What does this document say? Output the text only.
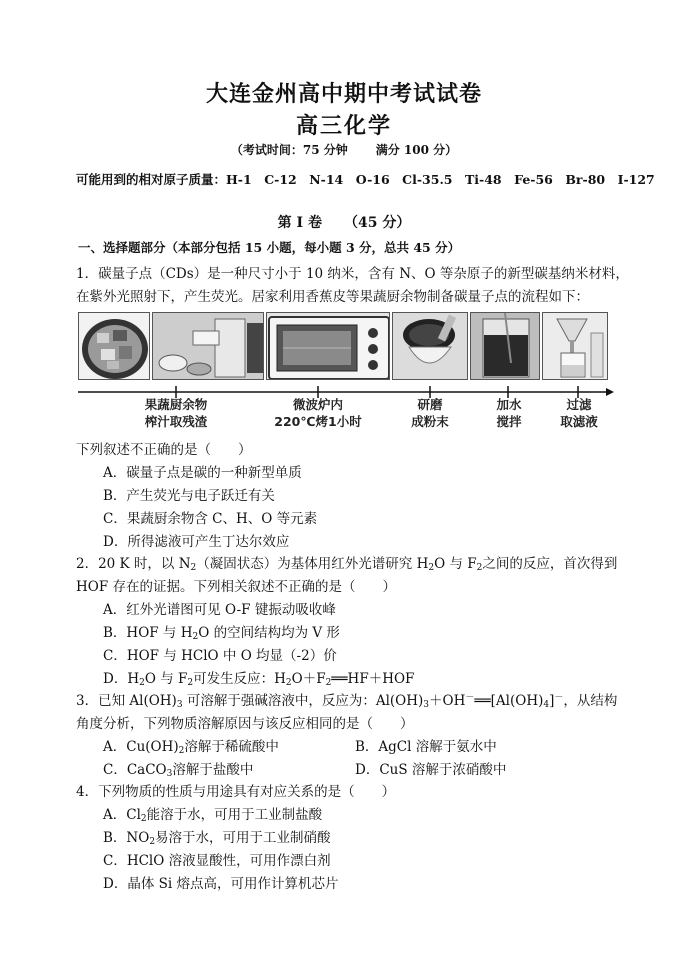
大连金州高中期中考试试卷
高三化学
（考试时间：75 分钟 满分 100 分）
可能用到的相对原子质量：H-1　C-12　N-14　O-16　Cl-35.5　Ti-48　Fe-56　Br-80　I-127
第 I 卷 （45 分）
一、选择题部分（本部分包括 15 小题，每小题 3 分，总共 45 分）
1．碳量子点（CDs）是一种尺寸小于 10 纳米，含有 N、O 等杂原子的新型碳基纳米材料，
在紫外光照射下，产生荧光。居家利用香蕉皮等果蔬厨余物制备碳量子点的流程如下：
果蔬厨余物
榨汁取残渣
微波炉内
220℃烤1小时
研磨
成粉末
加水
搅拌
过滤
取滤液
下列叙述不正确的是（　　）
A．碳量子点是碳的一种新型单质
B．产生荧光与电子跃迁有关
C．果蔬厨余物含 C、H、O 等元素
D．所得滤液可产生丁达尔效应
2．20 K 时，以 $N_2$（凝固状态）为基体用红外光谱研究 $H_2O$ 与 $F_2$之间的反应，首次得到
HOF 存在的证据。下列相关叙述不正确的是（　　）
A．红外光谱图可见 O-F 键振动吸收峰
B．HOF 与 $H_2O$ 的空间结构均为 V 形
C．HOF 与 HClO 中 O 均显（-2）价
D．$H_2O$ 与 $F_2$可发生反应：$H_2O+F_2══HF+HOF$
3．已知 $Al(OH)_3$ 可溶解于强碱溶液中，反应为：$Al(OH)_3+OH^-══[Al(OH)_4]^-$，从结构
角度分析，下列物质溶解原因与该反应相同的是（　　）
A．$Cu(OH)_2$溶解于稀硫酸中	B．AgCl 溶解于氨水中
C．CaCO$_3$溶解于盐酸中	D．CuS 溶解于浓硝酸中
4．下列物质的性质与用途具有对应关系的是（　　）
A．$Cl_2$能溶于水，可用于工业制盐酸
B．$NO_2$易溶于水，可用于工业制硝酸
C．HClO 溶液显酸性，可用作漂白剂
D．晶体 Si 熔点高，可用作计算机芯片
